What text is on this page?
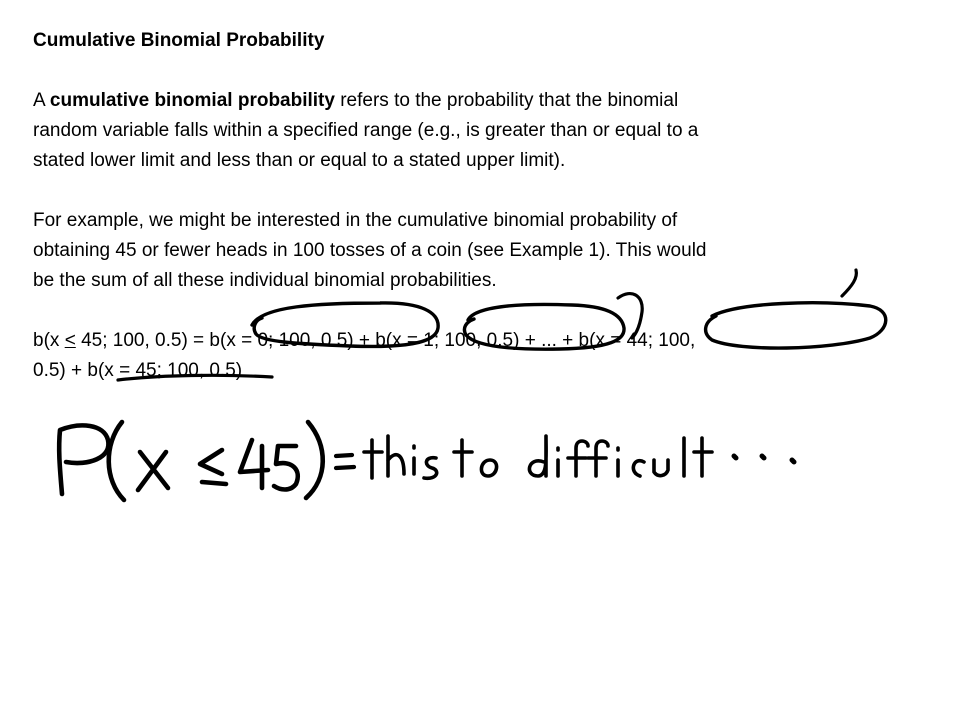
Cumulative Binomial Probability

A cumulative binomial probability refers to the probability that the binomial
random variable falls within a specified range (e.g., is greater than or equal to a
stated lower limit and less than or equal to a stated upper limit).

For example, we might be interested in the cumulative binomial probability of
obtaining 45 or fewer heads in 100 tosses of a coin (see Example 1). This would
be the sum of all these individual binomial probabilities.

b(x ≤ 45; 100, 0.5) = b(x = 0; 100, 0.5) + b(x = 1; 100, 0.5) + ... + b(x = 44; 100,
0.5) + b(x = 45; 100, 0.5)
